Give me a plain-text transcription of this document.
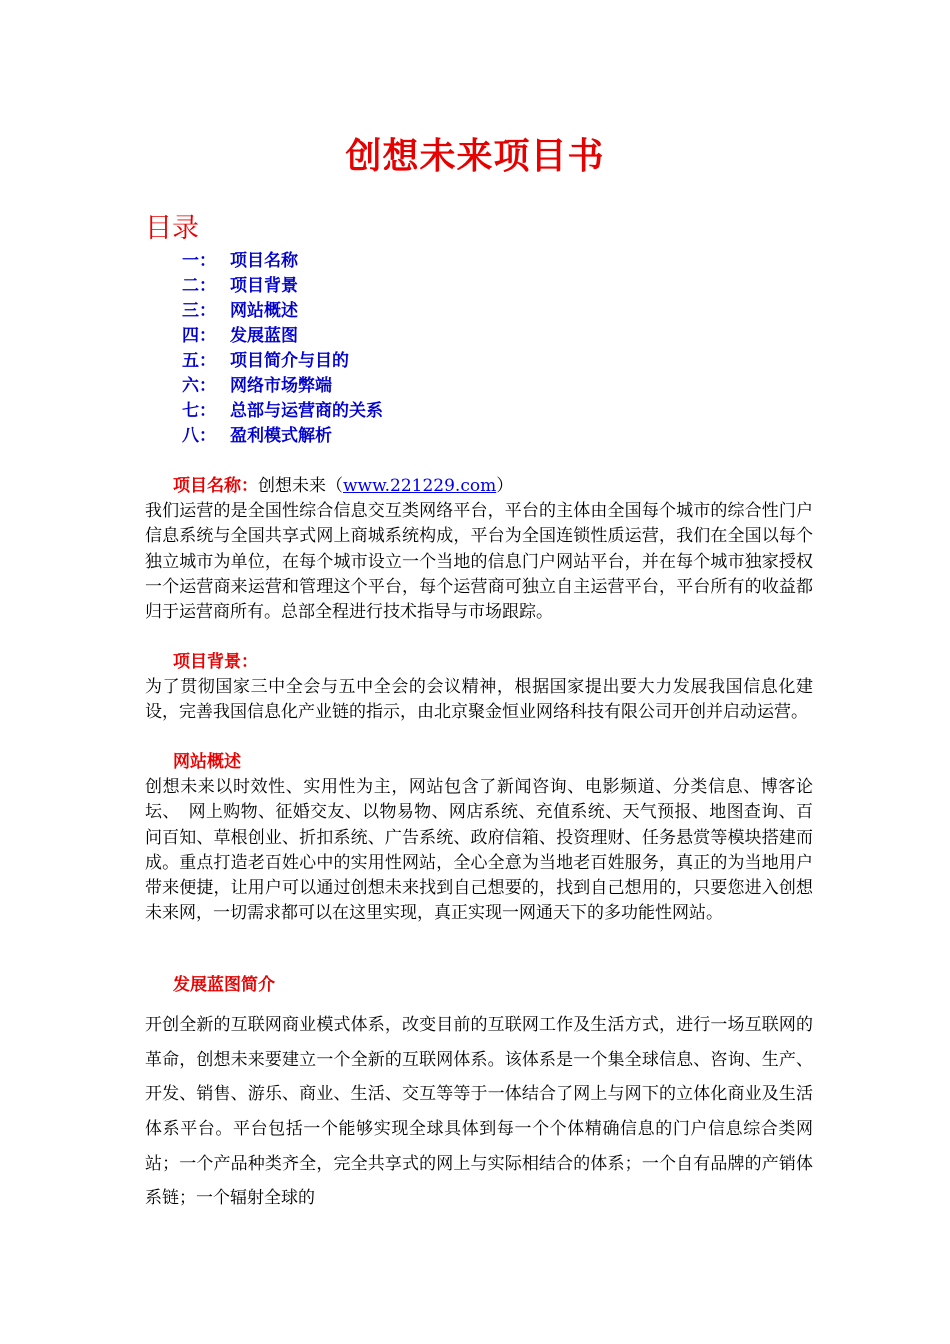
创想未来项目书
目录
一： 项目名称
二： 项目背景
三： 网站概述
四： 发展蓝图
五： 项目简介与目的
六： 网络市场弊端
七： 总部与运营商的关系
八： 盈利模式解析

项目名称：创想未来（www.221229.com）

我们运营的是全国性综合信息交互类网络平台，平台的主体由全国每个城市的综合性门户信息系统与全国共享式网上商城系统构成，平台为全国连锁性质运营，我们在全国以每个独立城市为单位，在每个城市设立一个当地的信息门户网站平台，并在每个城市独家授权一个运营商来运营和管理这个平台，每个运营商可独立自主运营平台，平台所有的收益都归于运营商所有。总部全程进行技术指导与市场跟踪。

项目背景：

为了贯彻国家三中全会与五中全会的会议精神，根据国家提出要大力发展我国信息化建设，完善我国信息化产业链的指示，由北京聚金恒业网络科技有限公司开创并启动运营。

网站概述

创想未来以时效性、实用性为主，网站包含了新闻咨询、电影频道、分类信息、博客论坛、　网上购物、征婚交友、以物易物、网店系统、充值系统、天气预报、地图查询、百问百知、草根创业、折扣系统、广告系统、政府信箱、投资理财、任务悬赏等模块搭建而成。重点打造老百姓心中的实用性网站，全心全意为当地老百姓服务，真正的为当地用户带来便捷，让用户可以通过创想未来找到自己想要的，找到自己想用的，只要您进入创想未来网，一切需求都可以在这里实现，真正实现一网通天下的多功能性网站。

发展蓝图简介

开创全新的互联网商业模式体系，改变目前的互联网工作及生活方式，进行一场互联网的革命，创想未来要建立一个全新的互联网体系。该体系是一个集全球信息、咨询、生产、开发、销售、游乐、商业、生活、交互等等于一体结合了网上与网下的立体化商业及生活体系平台。平台包括一个能够实现全球具体到每一个个体精确信息的门户信息综合类网站；一个产品种类齐全，完全共享式的网上与实际相结合的体系；一个自有品牌的产销体系链；一个辐射全球的
